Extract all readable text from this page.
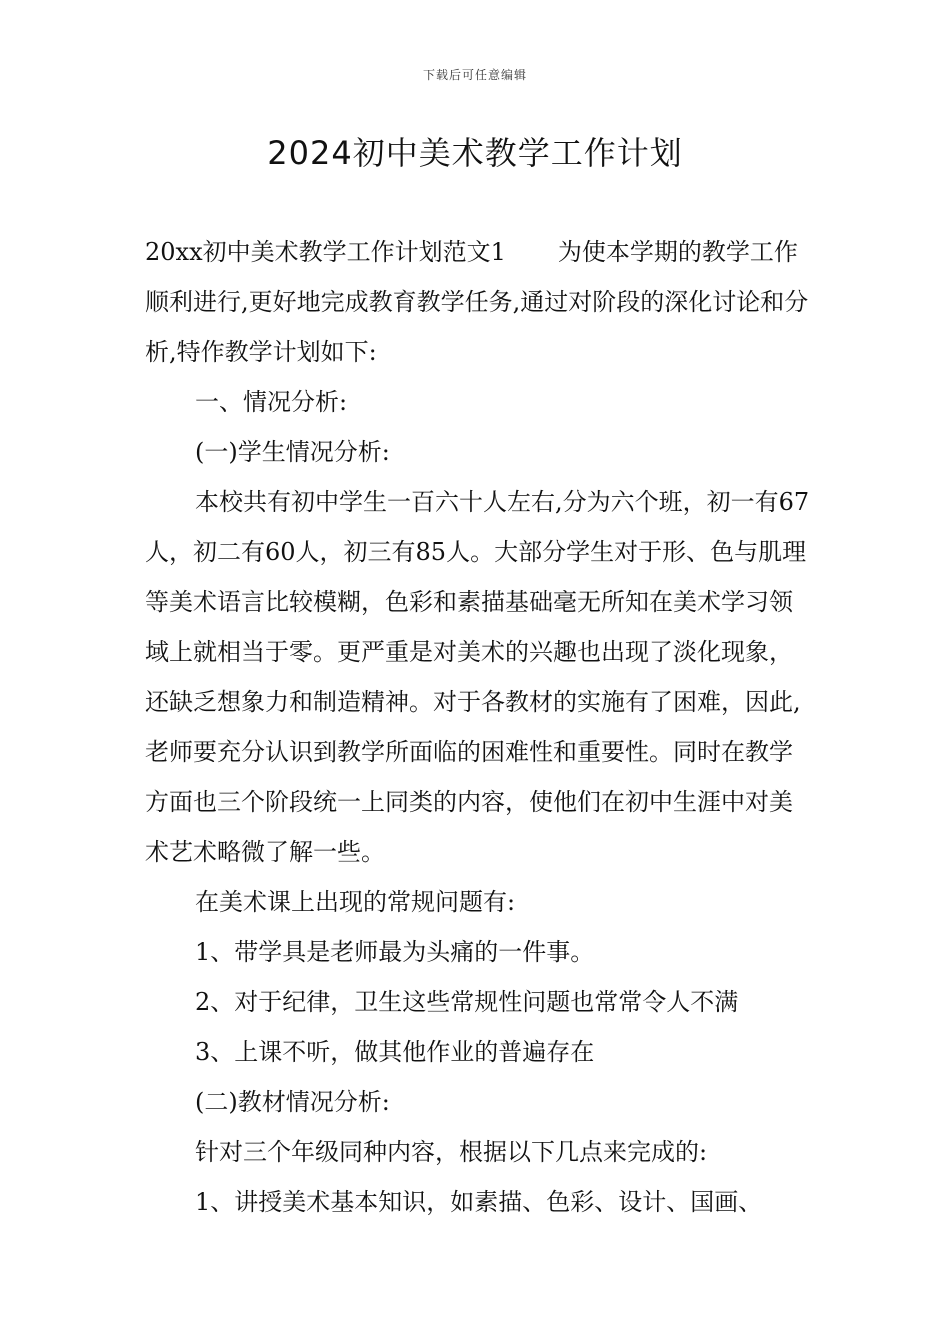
下载后可任意编辑
2024初中美术教学工作计划

20xx初中美术教学工作计划范文1 为使本学期的教学工作顺利进行,更好地完成教育教学任务,通过对阶段的深化讨论和分析,特作教学计划如下:

一、情况分析:

(一)学生情况分析:

本校共有初中学生一百六十人左右,分为六个班，初一有67人，初二有60人，初三有85人。大部分学生对于形、色与肌理等美术语言比较模糊，色彩和素描基础毫无所知在美术学习领域上就相当于零。更严重是对美术的兴趣也出现了淡化现象，还缺乏想象力和制造精神。对于各教材的实施有了困难，因此,老师要充分认识到教学所面临的困难性和重要性。同时在教学方面也三个阶段统一上同类的内容，使他们在初中生涯中对美术艺术略微了解一些。

在美术课上出现的常规问题有:

1、带学具是老师最为头痛的一件事。

2、对于纪律，卫生这些常规性问题也常常令人不满

3、上课不听，做其他作业的普遍存在

(二)教材情况分析:

针对三个年级同种内容，根据以下几点来完成的:

1、讲授美术基本知识，如素描、色彩、设计、国画、
